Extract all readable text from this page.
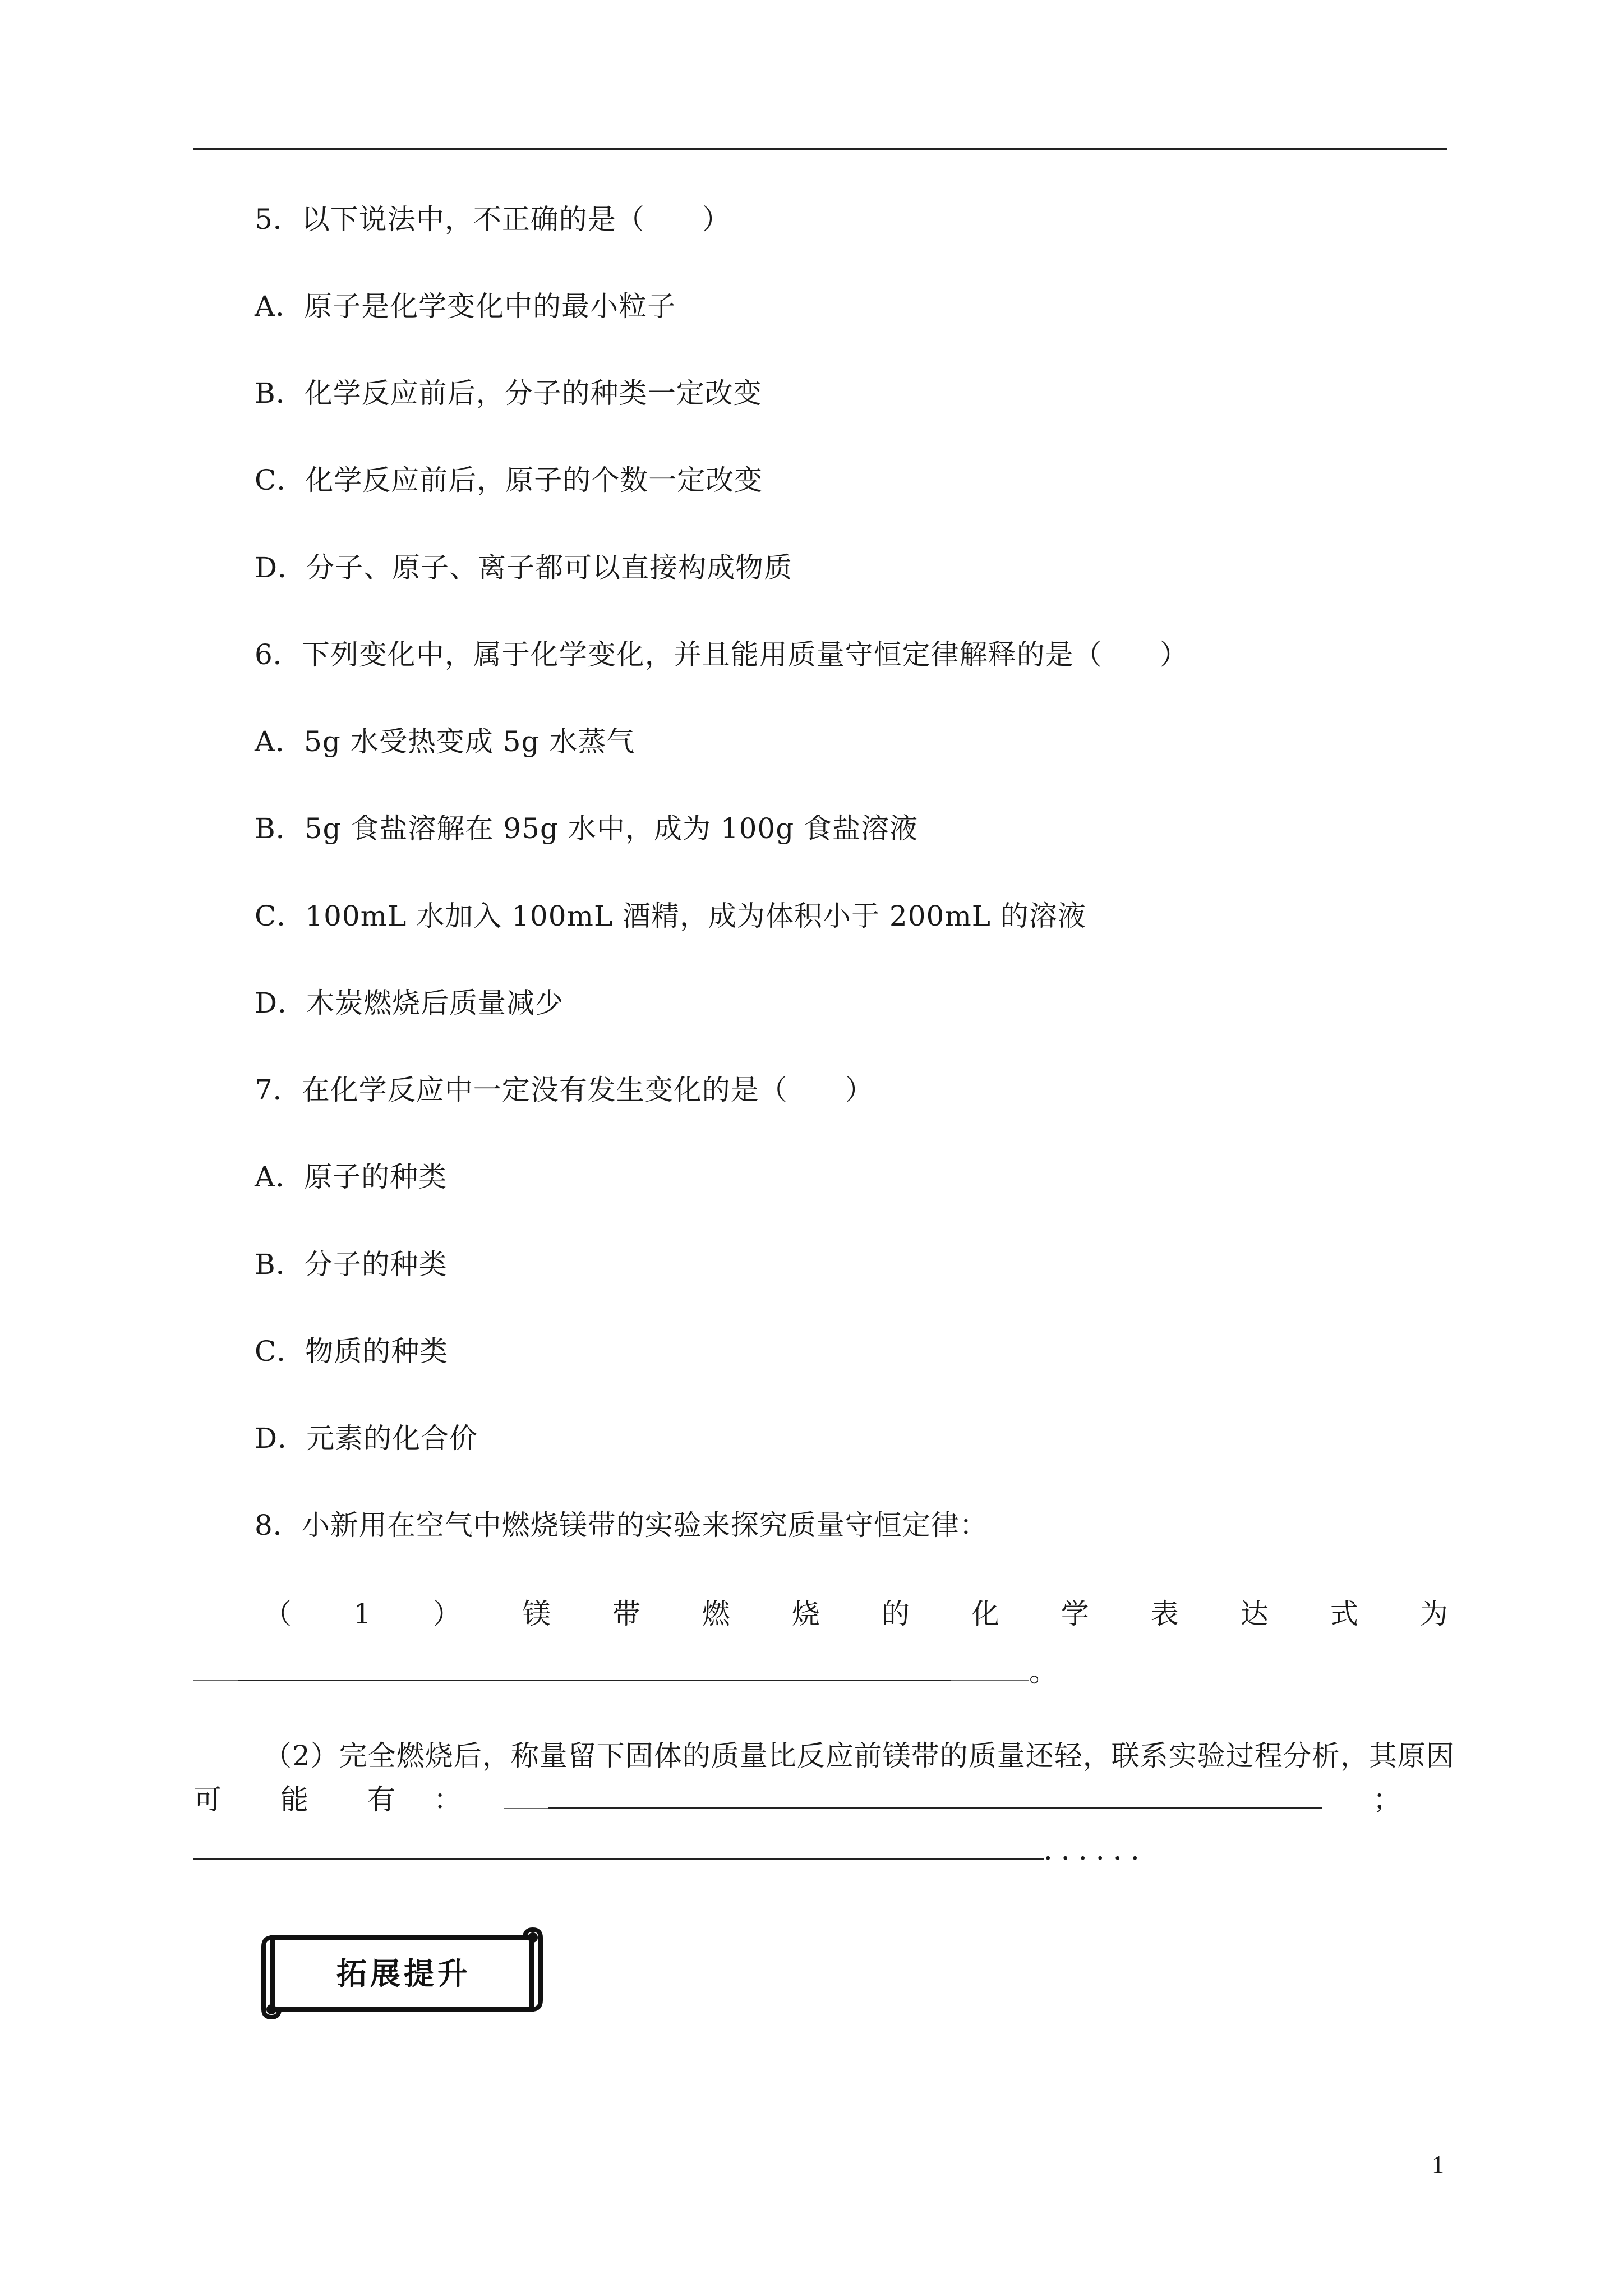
5．以下说法中，不正确的是（　　）
A．原子是化学变化中的最小粒子
B．化学反应前后，分子的种类一定改变
C．化学反应前后，原子的个数一定改变
D．分子、原子、离子都可以直接构成物质
6．下列变化中，属于化学变化，并且能用质量守恒定律解释的是（　　）
A．5g 水受热变成 5g 水蒸气
B．5g 食盐溶解在 95g 水中，成为 100g 食盐溶液
C．100mL 水加入 100mL 酒精，成为体积小于 200mL 的溶液
D．木炭燃烧后质量减少
7．在化学反应中一定没有发生变化的是（　　）
A．原子的种类
B．分子的种类
C．物质的种类
D．元素的化合价
8．小新用在空气中燃烧镁带的实验来探究质量守恒定律：
（ 1 ） 镁 带 燃 烧 的 化 学 表 达 式 为
。
（2）完全燃烧后，称量留下固体的质量比反应前镁带的质量还轻，联系实验过程分析，其原因
可 能 有 ：	；
．．．．．．
拓展提升
1
